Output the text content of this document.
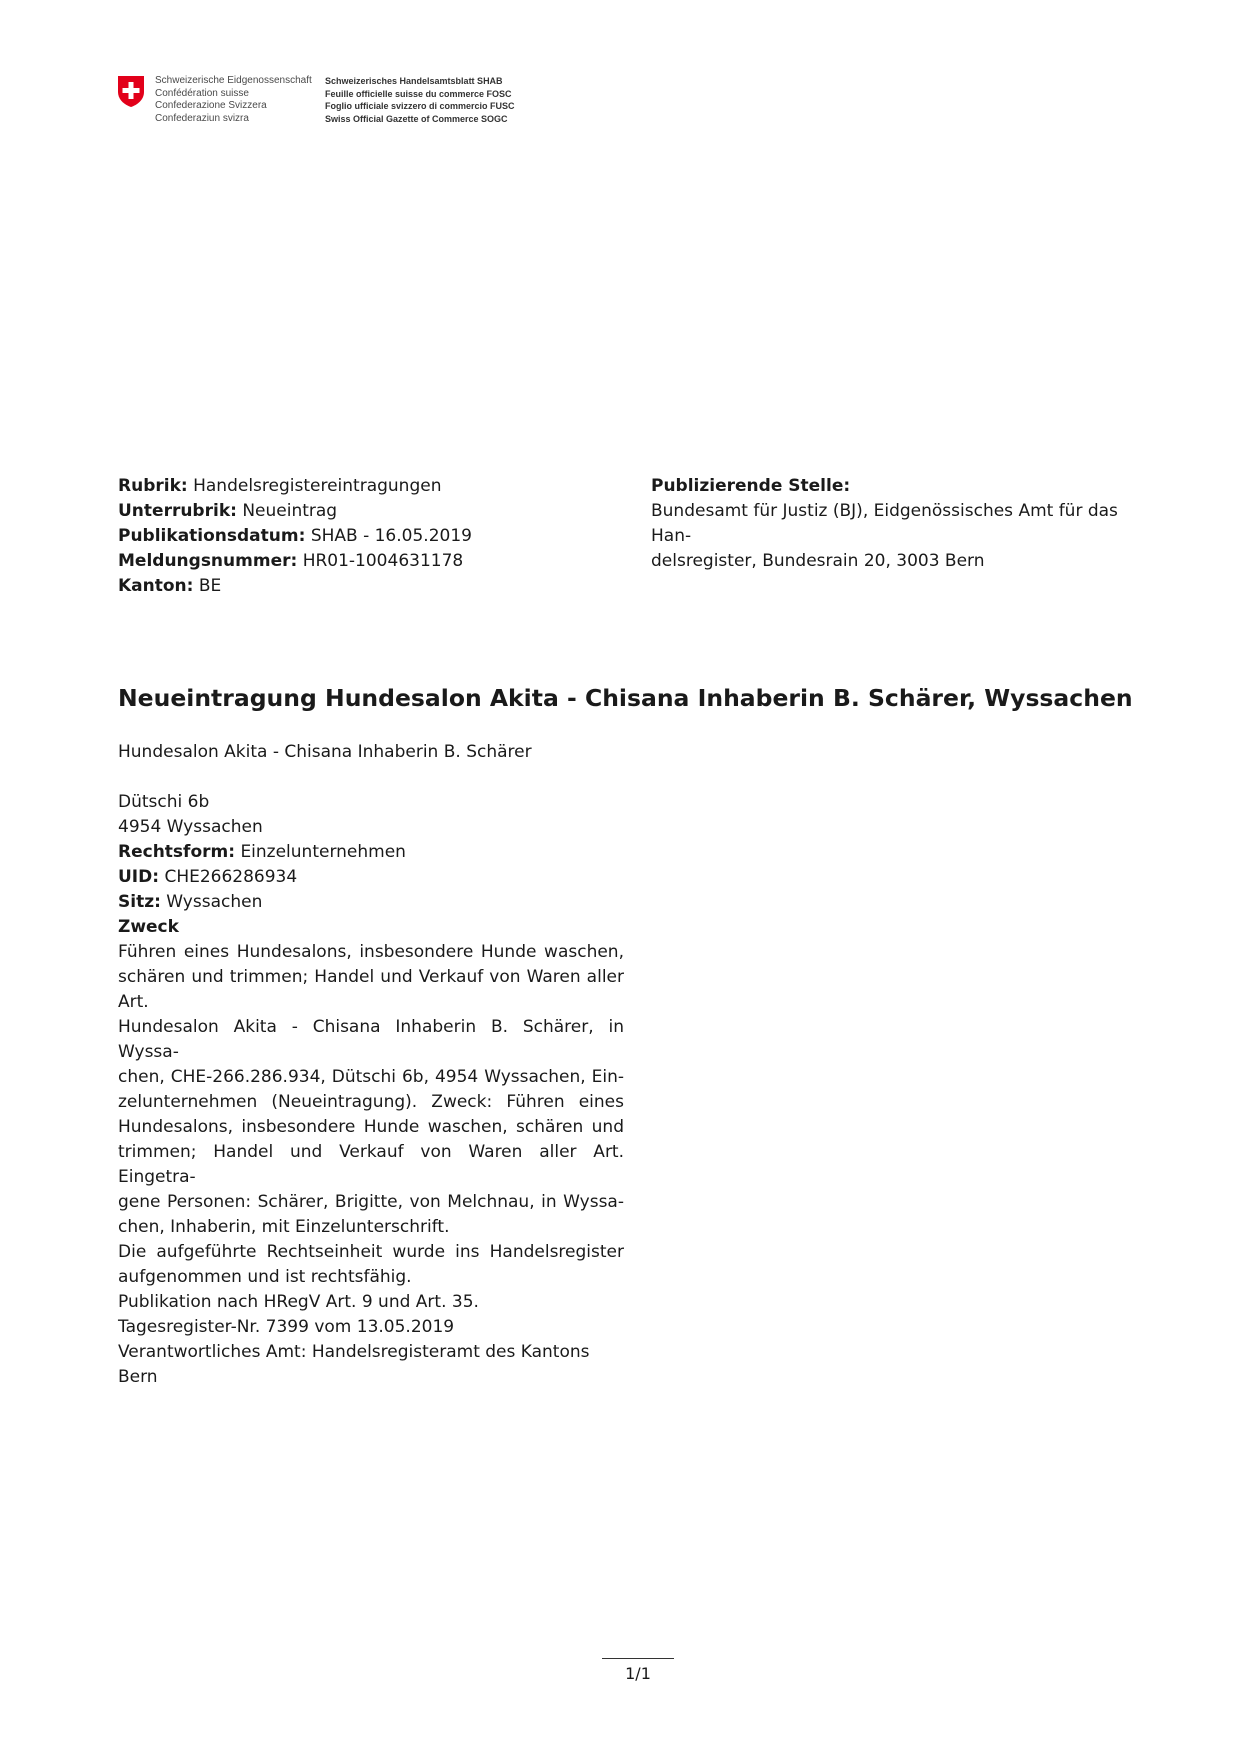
Schweizerische Eidgenossenschaft
Confédération suisse
Confederazione Svizzera
Confederaziun svizra
Schweizerisches Handelsamtsblatt SHAB
Feuille officielle suisse du commerce FOSC
Foglio ufficiale svizzero di commercio FUSC
Swiss Official Gazette of Commerce SOGC
Rubrik: Handelsregistereintragungen
Unterrubrik: Neueintrag
Publikationsdatum: SHAB - 16.05.2019
Meldungsnummer: HR01-1004631178
Kanton: BE
Publizierende Stelle:
Bundesamt für Justiz (BJ), Eidgenössisches Amt für das Han-
delsregister, Bundesrain 20, 3003 Bern
Neueintragung Hundesalon Akita - Chisana Inhaberin B. Schärer, Wyssachen
Hundesalon Akita - Chisana Inhaberin B. Schärer
Dütschi 6b
4954 Wyssachen
Rechtsform: Einzelunternehmen
UID: CHE266286934
Sitz: Wyssachen
Zweck
Führen eines Hundesalons, insbesondere Hunde waschen,
schären und trimmen; Handel und Verkauf von Waren aller
Art.
Hundesalon Akita - Chisana Inhaberin B. Schärer, in Wyssa-
chen, CHE-266.286.934, Dütschi 6b, 4954 Wyssachen, Ein-
zelunternehmen (Neueintragung). Zweck: Führen eines
Hundesalons, insbesondere Hunde waschen, schären und
trimmen; Handel und Verkauf von Waren aller Art. Eingetra-
gene Personen: Schärer, Brigitte, von Melchnau, in Wyssa-
chen, Inhaberin, mit Einzelunterschrift.
Die aufgeführte Rechtseinheit wurde ins Handelsregister
aufgenommen und ist rechtsfähig.
Publikation nach HRegV Art. 9 und Art. 35.
Tagesregister-Nr. 7399 vom 13.05.2019
Verantwortliches Amt: Handelsregisteramt des Kantons Bern
1/1
